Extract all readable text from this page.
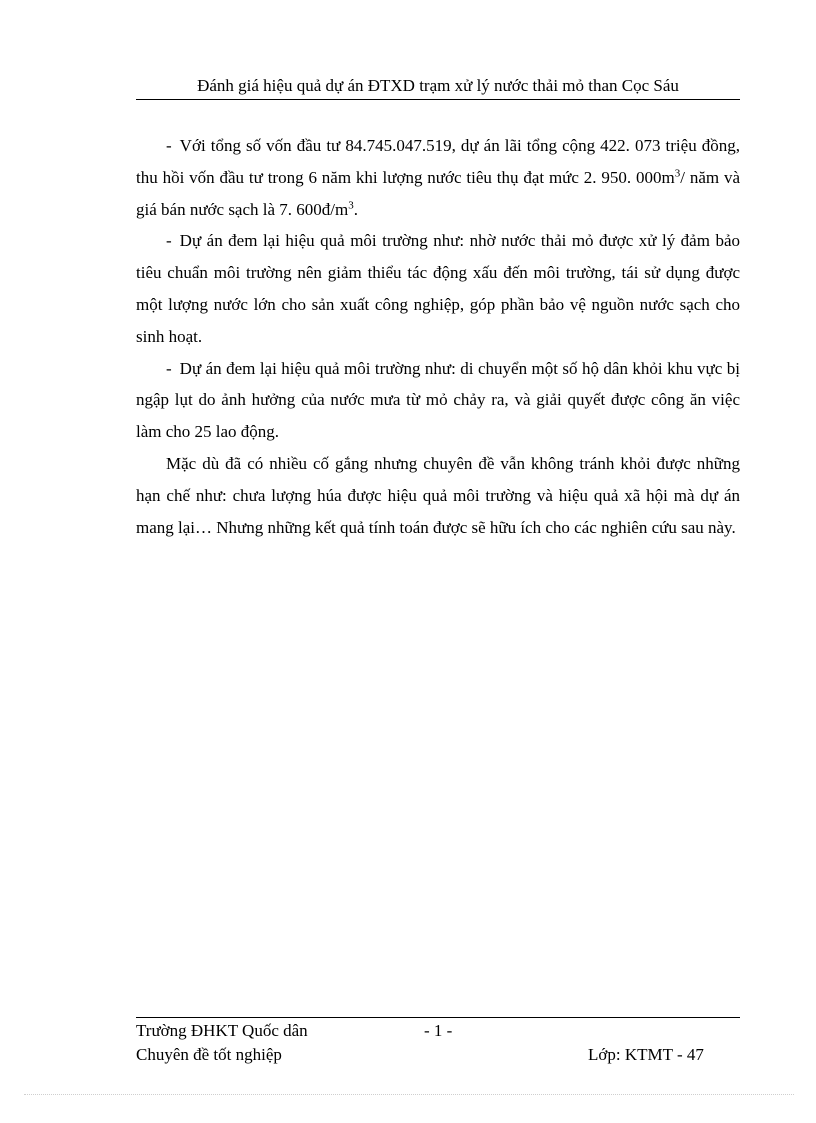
Đánh giá hiệu quả dự án ĐTXD trạm xử lý nước thải mỏ than Cọc Sáu

- Với tổng số vốn đầu tư 84.745.047.519, dự án lãi tổng cộng 422. 073 triệu đồng, thu hồi vốn đầu tư trong 6 năm khi lượng nước tiêu thụ đạt mức 2. 950. $000m^3/$ năm và giá bán nước sạch là 7. $600đ/m^3$.

- Dự án đem lại hiệu quả môi trường như: nhờ nước thải mỏ được xử lý đảm bảo tiêu chuẩn môi trường nên giảm thiểu tác động xấu đến môi trường, tái sử dụng được một lượng nước lớn cho sản xuất công nghiệp, góp phần bảo vệ nguồn nước sạch cho sinh hoạt.

- Dự án đem lại hiệu quả môi trường như: di chuyển một số hộ dân khỏi khu vực bị ngập lụt do ảnh hưởng của nước mưa từ mỏ chảy ra, và giải quyết được công ăn việc làm cho 25 lao động.

Mặc dù đã có nhiều cố gắng nhưng chuyên đề vẫn không tránh khỏi được những hạn chế như: chưa lượng húa được hiệu quả môi trường và hiệu quả xã hội mà dự án mang lại… Nhưng những kết quả tính toán được sẽ hữu ích cho các nghiên cứu sau này.

Trường ĐHKT Quốc dân	- 1 -
Chuyên đề tốt nghiệp	Lớp: KTMT - 47
